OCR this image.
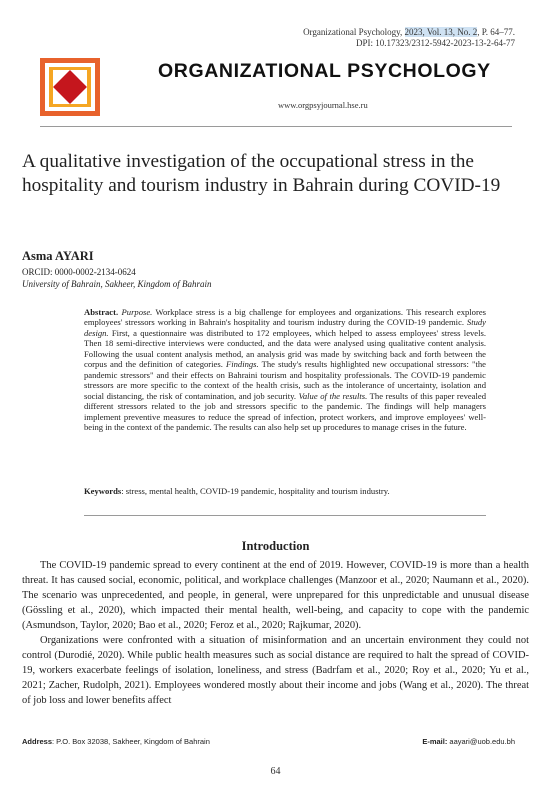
Organizational Psychology, 2023, Vol. 13, No. 2, P. 64–77.
DPI: 10.17323/2312-5942-2023-13-2-64-77
ORGANIZATIONAL PSYCHOLOGY
www.orgpsyjournal.hse.ru
A qualitative investigation of the occupational stress in the hospitality and tourism industry in Bahrain during COVID-19
Asma AYARI
ORCID: 0000-0002-2134-0624
University of Bahrain, Sakheer, Kingdom of Bahrain
Abstract. Purpose. Workplace stress is a big challenge for employees and organizations. This research explores employees' stressors working in Bahrain's hospitality and tourism industry during the COVID-19 pandemic. Study design. First, a questionnaire was distributed to 172 employees, which helped to assess employees' stress levels. Then 18 semi-directive interviews were conducted, and the data were analysed using qualitative content analysis. Following the usual content analysis method, an analysis grid was made by switching back and forth between the corpus and the definition of categories. Findings. The study's results highlighted new occupational stressors: "the pandemic stressors" and their effects on Bahraini tourism and hospitality professionals. The COVID-19 pandemic stressors are more specific to the context of the health crisis, such as the intolerance of uncertainty, isolation and social distancing, the risk of contamination, and job security. Value of the results. The results of this paper revealed different stressors related to the job and stressors specific to the pandemic. The findings will help managers implement preventive measures to reduce the spread of infection, protect workers, and improve employees' well-being in the context of the pandemic. The results can also help set up procedures to manage crises in the future.
Keywords: stress, mental health, COVID-19 pandemic, hospitality and tourism industry.
Introduction

The COVID-19 pandemic spread to every continent at the end of 2019. However, COVID-19 is more than a health threat. It has caused social, economic, political, and workplace challenges (Manzoor et al., 2020; Naumann et al., 2020). The scenario was unprecedented, and people, in general, were unprepared for this unpredictable and unusual disease (Gössling et al., 2020), which impacted their mental health, well-being, and capacity to cope with the pandemic (Asmundson, Taylor, 2020; Bao et al., 2020; Feroz et al., 2020; Rajkumar, 2020).

Organizations were confronted with a situation of misinformation and an uncertain environment they could not control (Durodié, 2020). While public health measures such as social distance are required to halt the spread of COVID-19, workers exacerbate feelings of isolation, loneliness, and stress (Badrfam et al., 2020; Roy et al., 2020; Yu et al., 2021; Zacher, Rudolph, 2021). Employees wondered mostly about their income and jobs (Wang et al., 2020). The threat of job loss and lower benefits affect

Address: P.O. Box 32038, Sakheer, Kingdom of Bahrain	E-mail: aayari@uob.edu.bh
64
